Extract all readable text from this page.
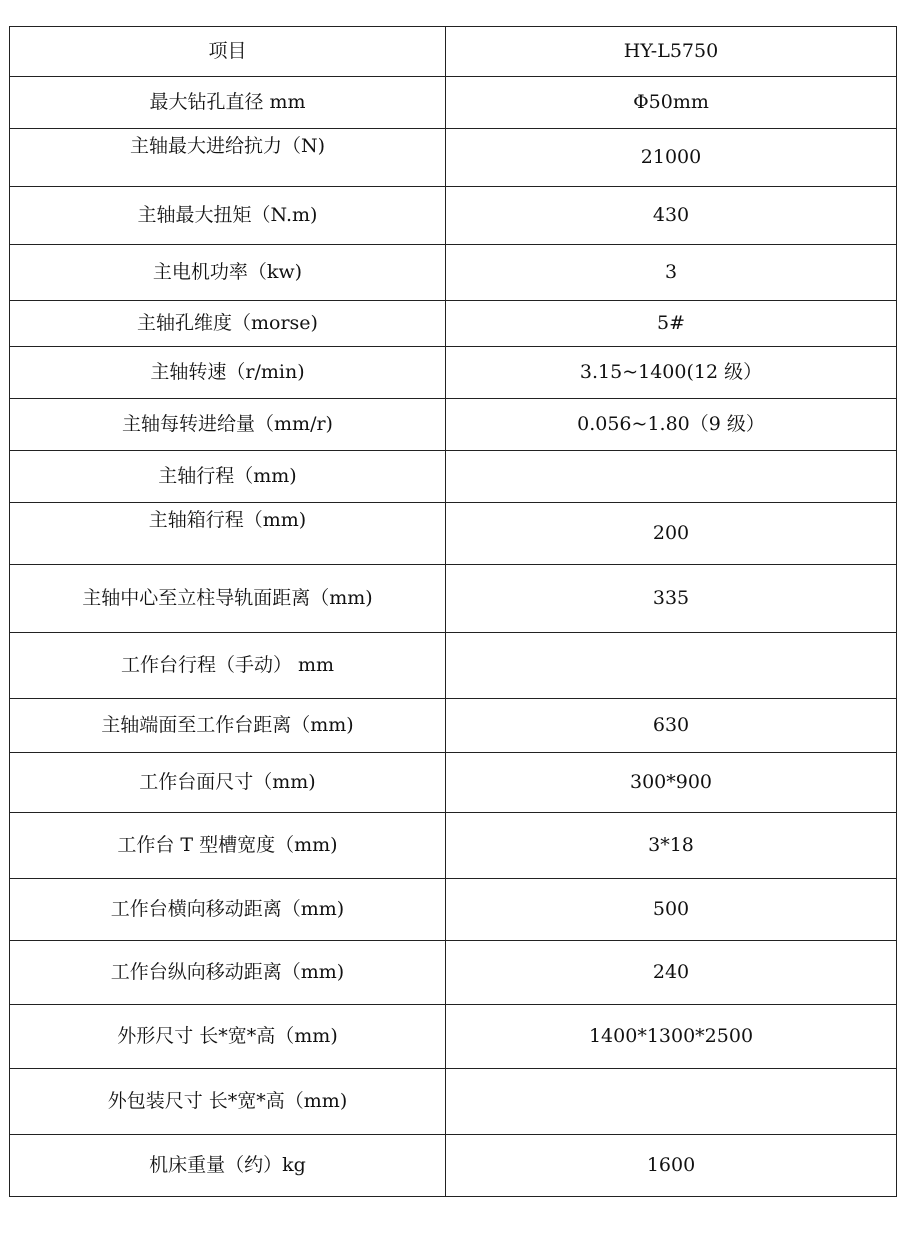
项目	HY-L5750
最大钻孔直径 mm	Φ50mm
主轴最大进给抗力（N)	21000
主轴最大扭矩（N.m)	430
主电机功率（kw)	3
主轴孔维度（morse)	5#
主轴转速（r/min)	3.15~1400(12 级）
主轴每转进给量（mm/r)	0.056~1.80（9 级）
主轴行程（mm)	
主轴箱行程（mm)	200
主轴中心至立柱导轨面距离（mm)	335
工作台行程（手动） mm	
主轴端面至工作台距离（mm)	630
工作台面尺寸（mm)	300*900
工作台 T 型槽宽度（mm)	3*18
工作台横向移动距离（mm)	500
工作台纵向移动距离（mm)	240
外形尺寸 长*宽*高（mm)	1400*1300*2500
外包装尺寸 长*宽*高（mm)	
机床重量（约）kg	1600
